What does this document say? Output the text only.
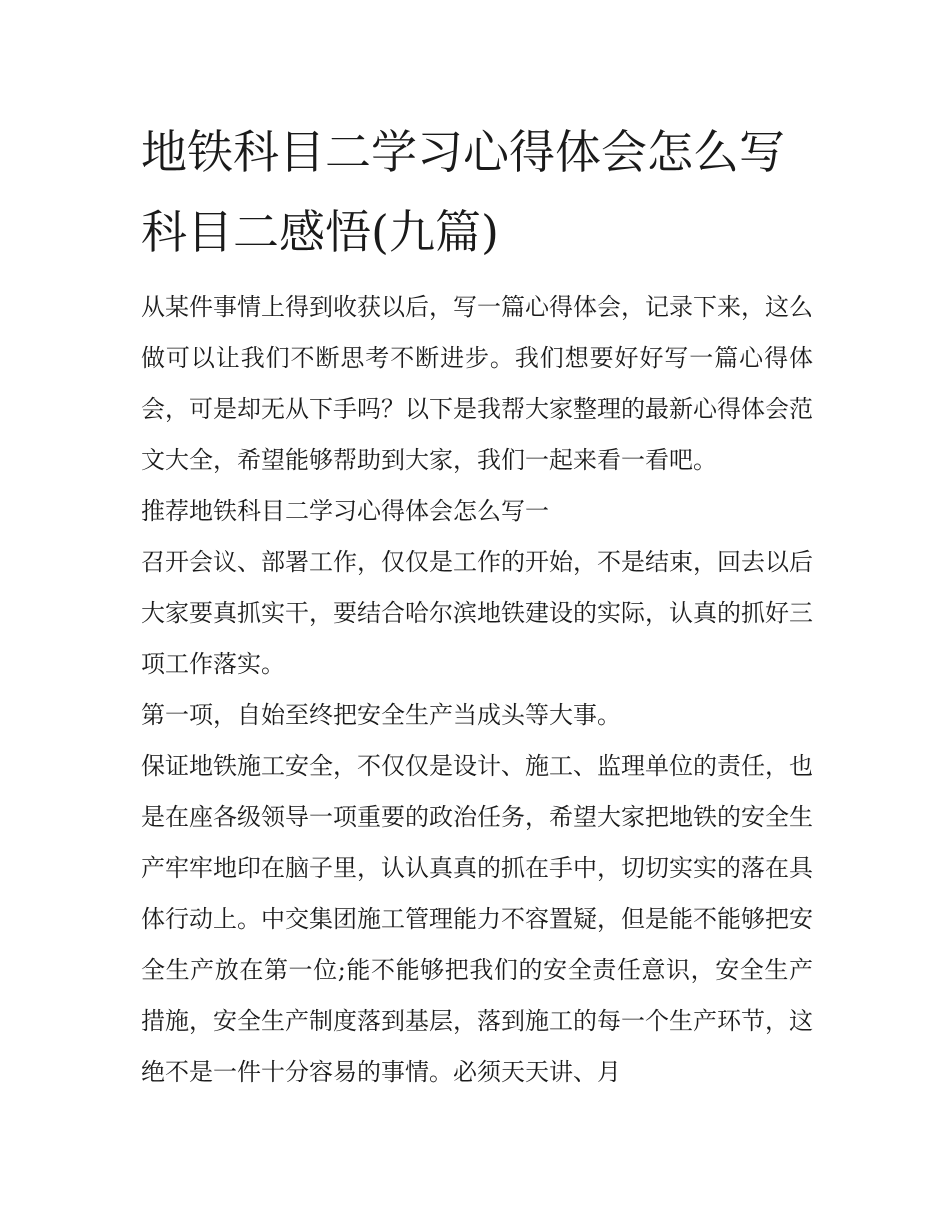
地铁科目二学习心得体会怎么写 科目二感悟(九篇)

从某件事情上得到收获以后，写一篇心得体会，记录下来，这么做可以让我们不断思考不断进步。我们想要好好写一篇心得体会，可是却无从下手吗？以下是我帮大家整理的最新心得体会范文大全，希望能够帮助到大家，我们一起来看一看吧。

推荐地铁科目二学习心得体会怎么写一

召开会议、部署工作，仅仅是工作的开始，不是结束，回去以后大家要真抓实干，要结合哈尔滨地铁建设的实际，认真的抓好三项工作落实。

第一项，自始至终把安全生产当成头等大事。

保证地铁施工安全，不仅仅是设计、施工、监理单位的责任，也是在座各级领导一项重要的政治任务，希望大家把地铁的安全生产牢牢地印在脑子里，认认真真的抓在手中，切切实实的落在具体行动上。中交集团施工管理能力不容置疑，但是能不能够把安全生产放在第一位;能不能够把我们的安全责任意识，安全生产措施，安全生产制度落到基层，落到施工的每一个生产环节，这绝不是一件十分容易的事情。必须天天讲、月
